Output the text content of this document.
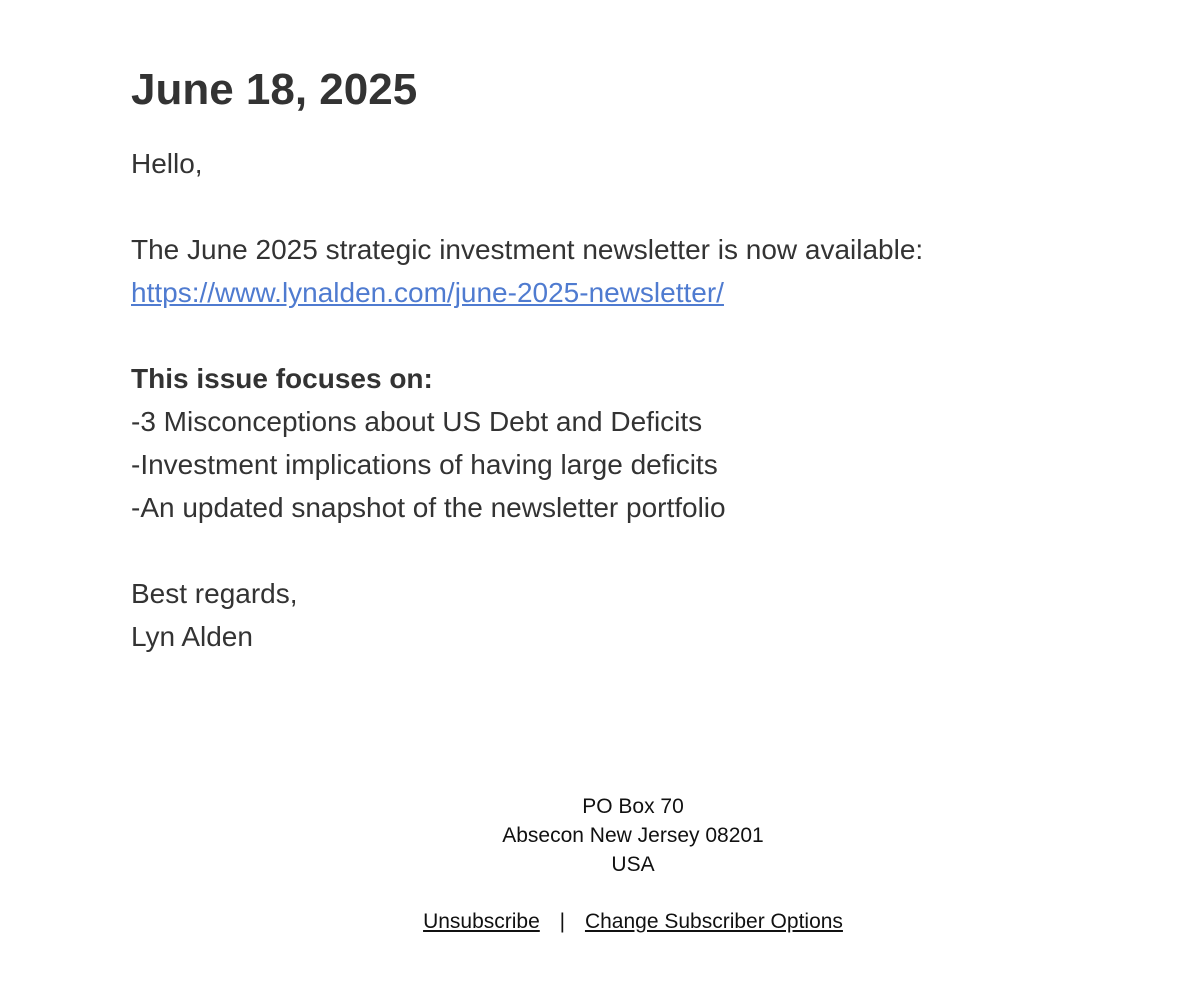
June 18, 2025

Hello,

The June 2025 strategic investment newsletter is now available:

https://www.lynalden.com/june-2025-newsletter/

This issue focuses on:

-3 Misconceptions about US Debt and Deficits

-Investment implications of having large deficits

-An updated snapshot of the newsletter portfolio

Best regards,

Lyn Alden

PO Box 70
Absecon New Jersey 08201
USA
Unsubscribe | Change Subscriber Options
